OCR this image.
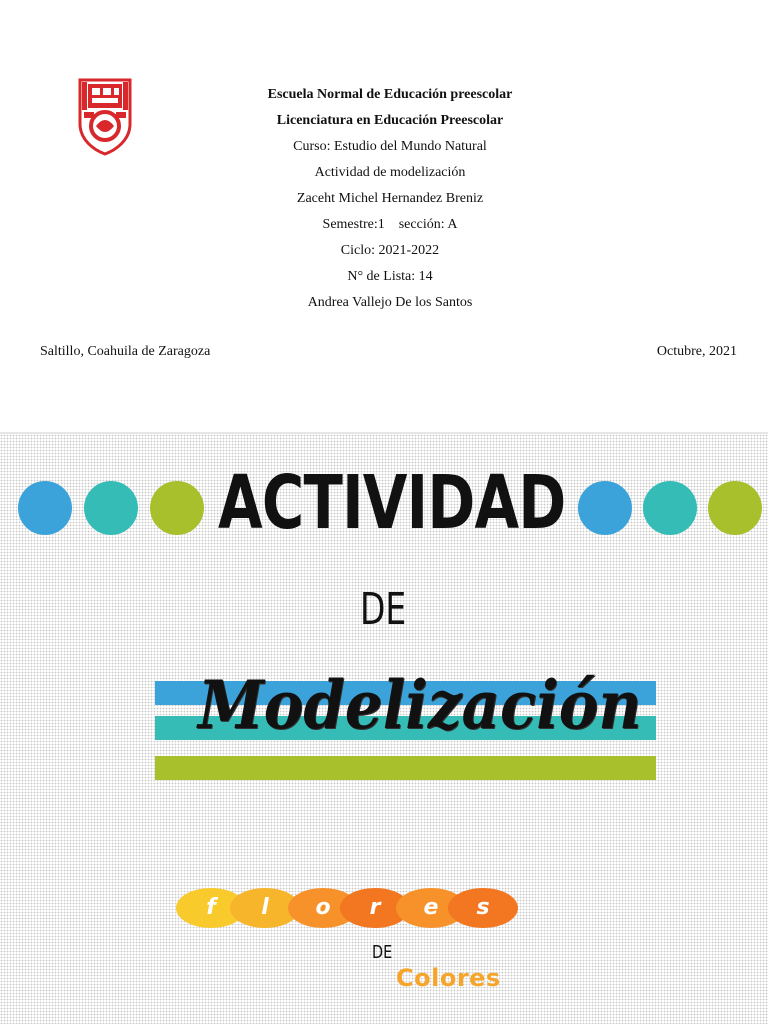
Escuela Normal de Educación preescolar
Licenciatura en Educación Preescolar
Curso: Estudio del Mundo Natural
Actividad de modelización
Zaceht Michel Hernandez Breniz
Semestre:1    sección: A
Ciclo: 2021-2022
N° de Lista: 14
Andrea Vallejo De los Santos
Saltillo, Coahuila de Zaragoza	Octubre, 2021
ACTIVIDAD
DE
Modelización
f	l	o	r	e	s
DE
Colores
